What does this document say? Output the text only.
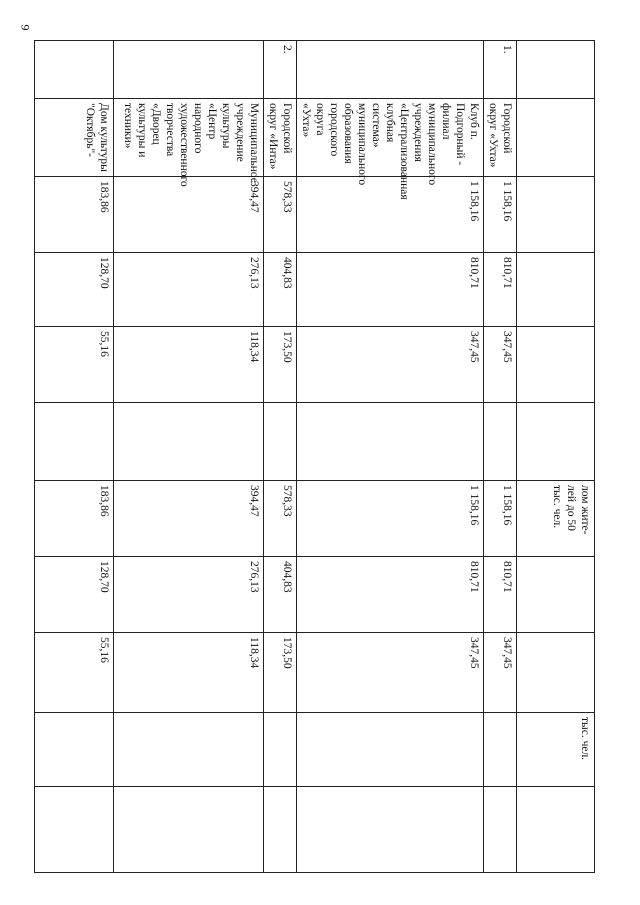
9
						лом жите-
лей до 50
тыс. чел.			тыс. чел.	
1.	Городской округ «Ухта»	1 158,16	810,71	347,45		1 158,16	810,71	347,45		
	Клуб п. Подгорный - филиал муниципального учреждения «Централизованная клубная система» муниципального образования городского округа «Ухта»	1 158,16	810,71	347,45		1 158,16	810,71	347,45		
2.	Городской округ «Инта»	578,33	404,83	173,50		578,33	404,83	173,50		
	Муниципальное учреждение культуры «Центр народного художественного творчества «Дворец культуры и техники»	394,47	276,13	118,34		394,47	276,13	118,34		
	Дом культуры "Октябрь"-	183,86	128,70	55,16		183,86	128,70	55,16		
